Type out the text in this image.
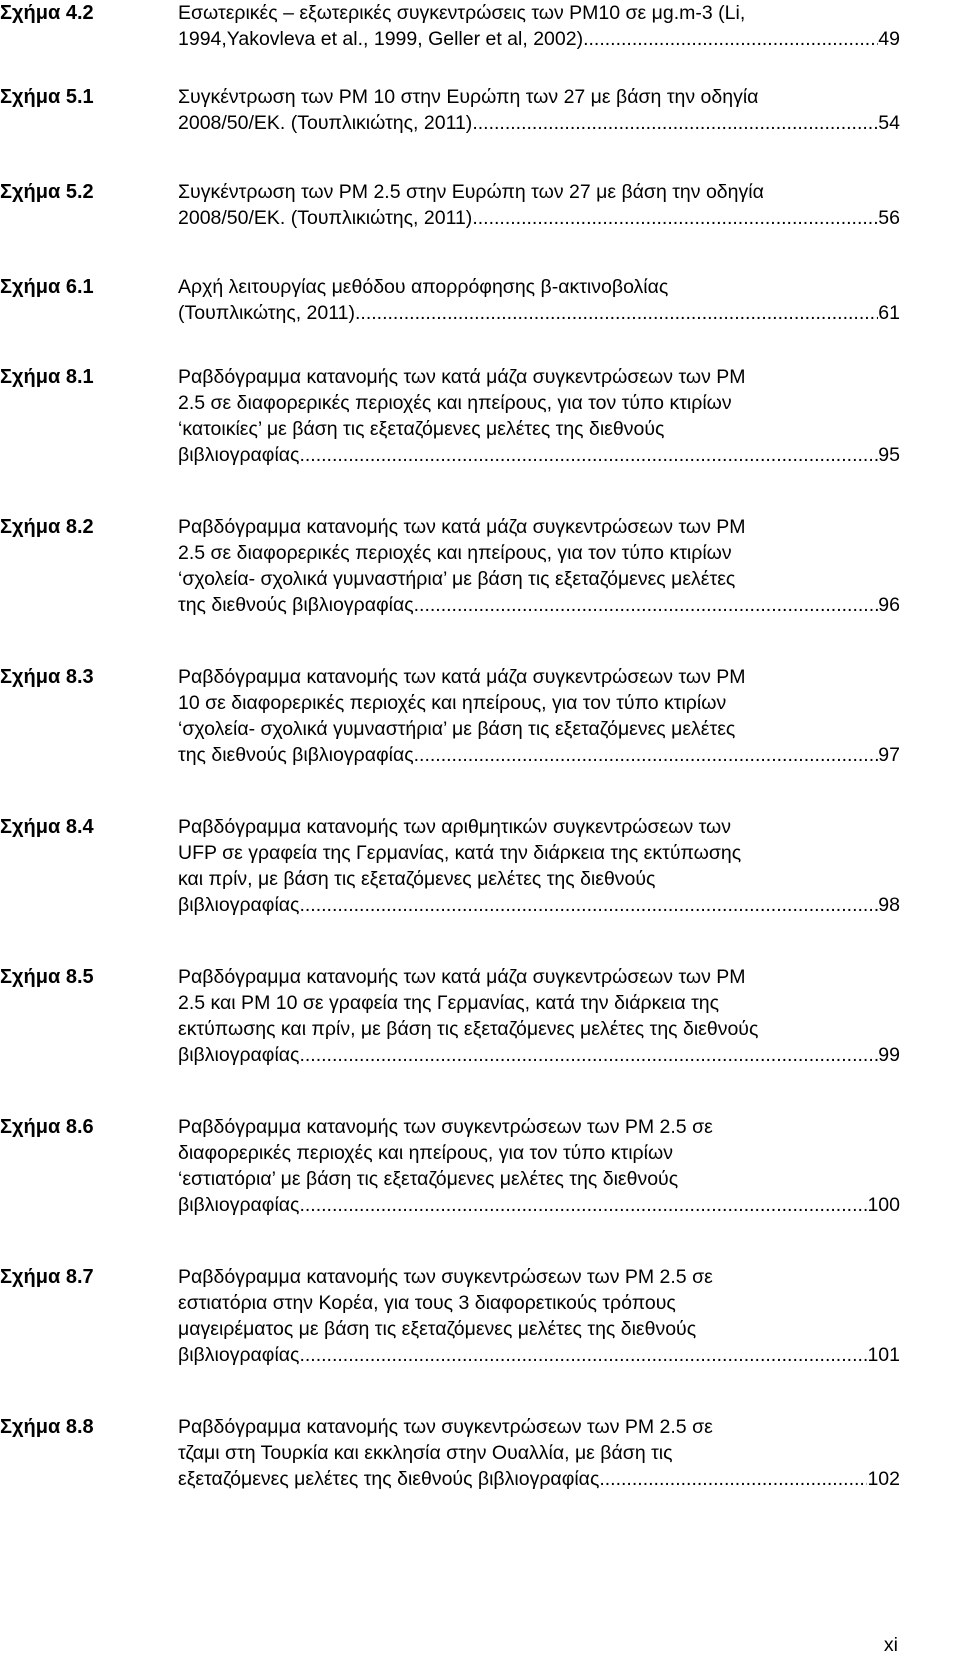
Σχήμα 4.2	Εσωτερικές – εξωτερικές συγκεντρώσεις των PM10 σε μg.m-3 (Li,
1994,Yakovleva et al., 1999, Geller et al, 2002) .....	49
Σχήμα 5.1	Συγκέντρωση των PM 10 στην Ευρώπη των 27 με βάση την οδηγία
2008/50/EK. (Τουπλικιώτης, 2011) .....	54
Σχήμα 5.2	Συγκέντρωση των PM 2.5 στην Ευρώπη των 27 με βάση την οδηγία
2008/50/EK. (Τουπλικιώτης, 2011) .....	56
Σχήμα 6.1	Αρχή λειτουργίας μεθόδου απορρόφησης β-ακτινοβολίας
(Τουπλικώτης, 2011) .....	61
Σχήμα 8.1	Ραβδόγραμμα κατανομής των κατά μάζα συγκεντρώσεων των PM
2.5 σε διαφορερικές περιοχές και ηπείρους, για τον τύπο κτιρίων
‘κατοικίες’ με βάση τις εξεταζόμενες μελέτες της διεθνούς
βιβλιογραφίας. .....	95
Σχήμα 8.2	Ραβδόγραμμα κατανομής των κατά μάζα συγκεντρώσεων των PM
2.5 σε διαφορερικές περιοχές και ηπείρους, για τον τύπο κτιρίων
‘σχολεία- σχολικά γυμναστήρια’ με βάση τις εξεταζόμενες μελέτες
της διεθνούς βιβλιογραφίας .....	96
Σχήμα 8.3	Ραβδόγραμμα κατανομής των κατά μάζα συγκεντρώσεων των PM
10 σε διαφορερικές περιοχές και ηπείρους, για τον τύπο κτιρίων
‘σχολεία- σχολικά γυμναστήρια’ με βάση τις εξεταζόμενες μελέτες
της διεθνούς βιβλιογραφίας .....	97
Σχήμα 8.4	Ραβδόγραμμα κατανομής των αριθμητικών συγκεντρώσεων των
UFP σε γραφεία της Γερμανίας, κατά την διάρκεια της εκτύπωσης
και πρίν, με βάση τις εξεταζόμενες μελέτες της διεθνούς
βιβλιογραφίας. .....	98
Σχήμα 8.5	Ραβδόγραμμα κατανομής των κατά μάζα συγκεντρώσεων των PM
2.5 και PM 10 σε γραφεία της Γερμανίας, κατά την διάρκεια της
εκτύπωσης και πρίν, με βάση τις εξεταζόμενες μελέτες της διεθνούς
βιβλιογραφίας. .....	99
Σχήμα 8.6	Ραβδόγραμμα κατανομής των συγκεντρώσεων των PM 2.5 σε
διαφορερικές περιοχές και ηπείρους, για τον τύπο κτιρίων
‘εστιατόρια’ με βάση τις εξεταζόμενες μελέτες της διεθνούς
βιβλιογραφίας. .....	100
Σχήμα 8.7	Ραβδόγραμμα κατανομής των συγκεντρώσεων των PM 2.5 σε
εστιατόρια στην Κορέα, για τους 3 διαφορετικούς τρόπους
μαγειρέματος με βάση τις εξεταζόμενες μελέτες της διεθνούς
βιβλιογραφίας. .....	101
Σχήμα 8.8	Ραβδόγραμμα κατανομής των συγκεντρώσεων των PM 2.5 σε
τζαμι στη Τουρκία και εκκλησία στην Ουαλλία, με βάση τις
εξεταζόμενες μελέτες της διεθνούς βιβλιογραφίας. .....	102
xi
